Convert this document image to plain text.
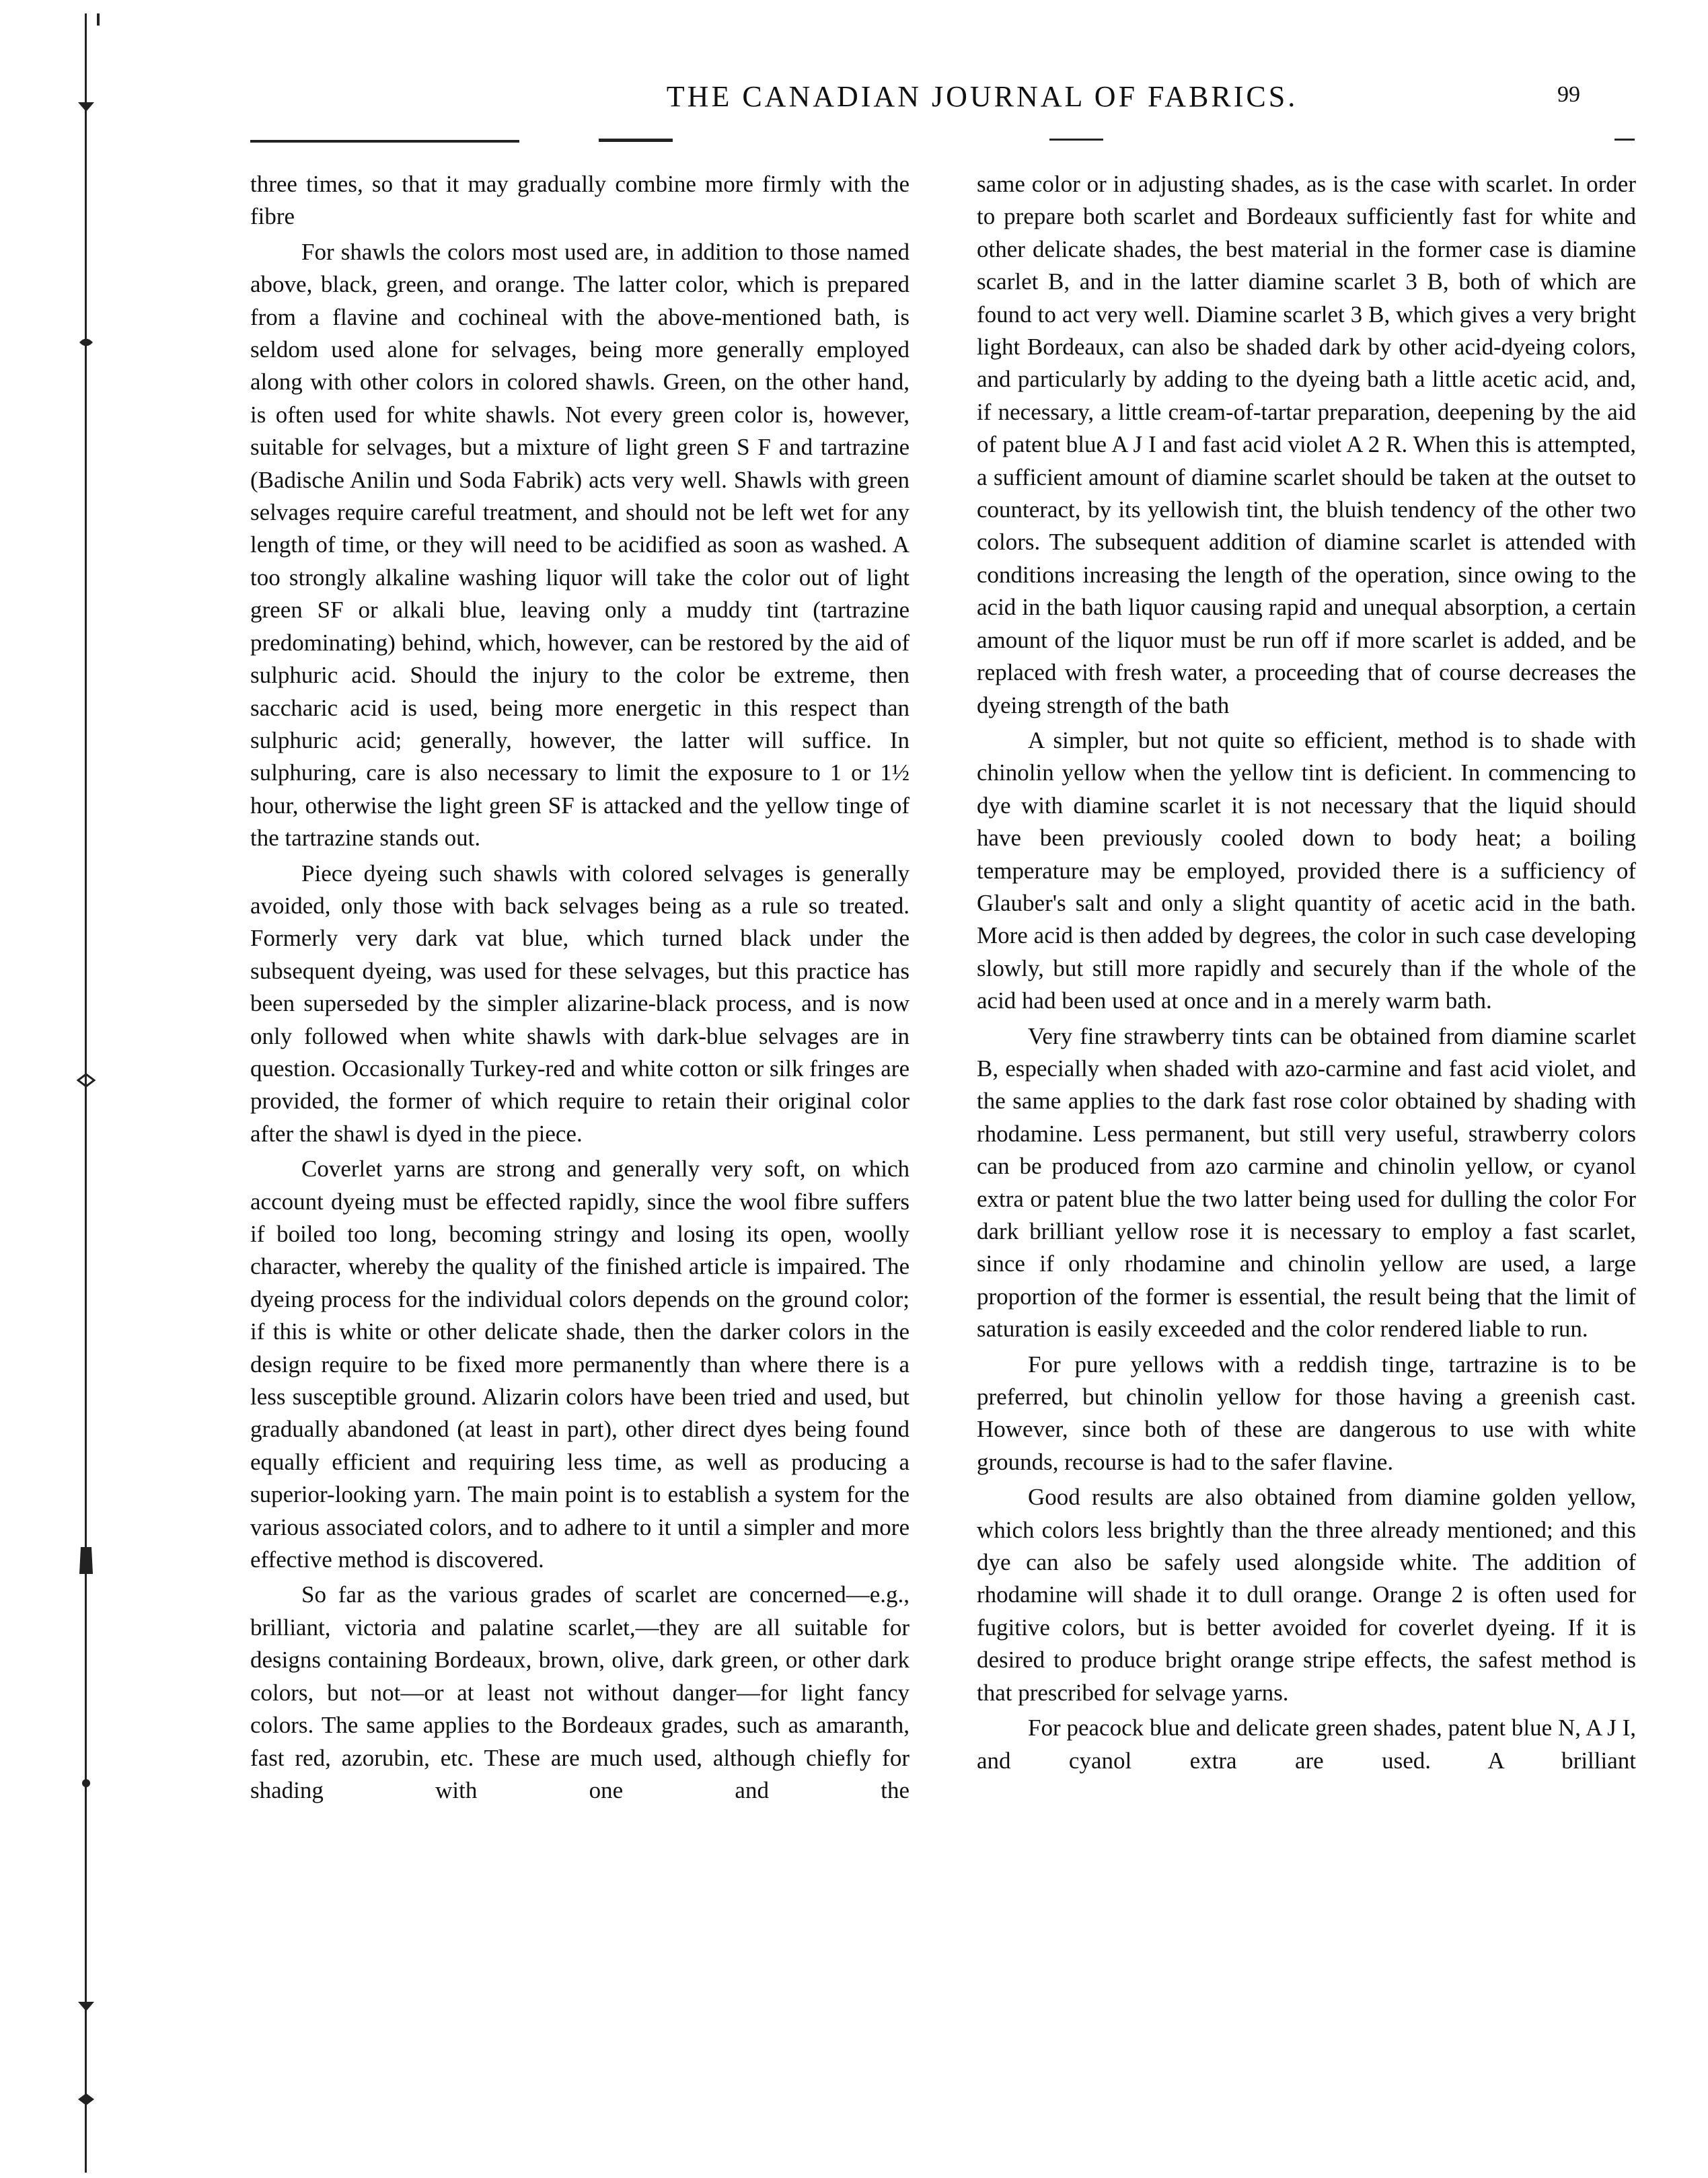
THE CANADIAN JOURNAL OF FABRICS.	99

three times, so that it may gradually combine more firmly with the fibre

For shawls the colors most used are, in addition to those named above, black, green, and orange. The latter color, which is prepared from a flavine and cochineal with the above-mentioned bath, is seldom used alone for selvages, being more generally employed along with other colors in colored shawls. Green, on the other hand, is often used for white shawls. Not every green color is, however, suitable for selvages, but a mixture of light green S F and tartrazine (Badische Anilin und Soda Fabrik) acts very well. Shawls with green selvages require careful treatment, and should not be left wet for any length of time, or they will need to be acidified as soon as washed. A too strongly alkaline washing liquor will take the color out of light green SF or alkali blue, leaving only a muddy tint (tartrazine predominating) behind, which, however, can be restored by the aid of sulphuric acid. Should the injury to the color be extreme, then saccharic acid is used, being more energetic in this respect than sulphuric acid; generally, however, the latter will suffice. In sulphuring, care is also necessary to limit the exposure to 1 or 1½ hour, otherwise the light green SF is attacked and the yellow tinge of the tartrazine stands out.

Piece dyeing such shawls with colored selvages is generally avoided, only those with back selvages being as a rule so treated. Formerly very dark vat blue, which turned black under the subsequent dyeing, was used for these selvages, but this practice has been superseded by the simpler alizarine-black process, and is now only followed when white shawls with dark-blue selvages are in question. Occasionally Turkey-red and white cotton or silk fringes are provided, the former of which require to retain their original color after the shawl is dyed in the piece.

Coverlet yarns are strong and generally very soft, on which account dyeing must be effected rapidly, since the wool fibre suffers if boiled too long, becoming stringy and losing its open, woolly character, whereby the quality of the finished article is impaired. The dyeing process for the individual colors depends on the ground color; if this is white or other delicate shade, then the darker colors in the design require to be fixed more permanently than where there is a less susceptible ground. Alizarin colors have been tried and used, but gradually abandoned (at least in part), other direct dyes being found equally efficient and requiring less time, as well as producing a superior-looking yarn. The main point is to establish a system for the various associated colors, and to adhere to it until a simpler and more effective method is discovered.

So far as the various grades of scarlet are concerned—e.g., brilliant, victoria and palatine scarlet,—they are all suitable for designs containing Bordeaux, brown, olive, dark green, or other dark colors, but not—or at least not without danger—for light fancy colors. The same applies to the Bordeaux grades, such as amaranth, fast red, azorubin, etc. These are much used, although chiefly for shading with one and the

same color or in adjusting shades, as is the case with scarlet. In order to prepare both scarlet and Bordeaux sufficiently fast for white and other delicate shades, the best material in the former case is diamine scarlet B, and in the latter diamine scarlet 3 B, both of which are found to act very well. Diamine scarlet 3 B, which gives a very bright light Bordeaux, can also be shaded dark by other acid-dyeing colors, and particularly by adding to the dyeing bath a little acetic acid, and, if necessary, a little cream-of-tartar preparation, deepening by the aid of patent blue A J I and fast acid violet A 2 R. When this is attempted, a sufficient amount of diamine scarlet should be taken at the outset to counteract, by its yellowish tint, the bluish tendency of the other two colors. The subsequent addition of diamine scarlet is attended with conditions increasing the length of the operation, since owing to the acid in the bath liquor causing rapid and unequal absorption, a certain amount of the liquor must be run off if more scarlet is added, and be replaced with fresh water, a proceeding that of course decreases the dyeing strength of the bath

A simpler, but not quite so efficient, method is to shade with chinolin yellow when the yellow tint is deficient. In commencing to dye with diamine scarlet it is not necessary that the liquid should have been previously cooled down to body heat; a boiling temperature may be employed, provided there is a sufficiency of Glauber's salt and only a slight quantity of acetic acid in the bath. More acid is then added by degrees, the color in such case developing slowly, but still more rapidly and securely than if the whole of the acid had been used at once and in a merely warm bath.

Very fine strawberry tints can be obtained from diamine scarlet B, especially when shaded with azo-carmine and fast acid violet, and the same applies to the dark fast rose color obtained by shading with rhodamine. Less permanent, but still very useful, strawberry colors can be produced from azo carmine and chinolin yellow, or cyanol extra or patent blue the two latter being used for dulling the color For dark brilliant yellow rose it is necessary to employ a fast scarlet, since if only rhodamine and chinolin yellow are used, a large proportion of the former is essential, the result being that the limit of saturation is easily exceeded and the color rendered liable to run.

For pure yellows with a reddish tinge, tartrazine is to be preferred, but chinolin yellow for those having a greenish cast. However, since both of these are dangerous to use with white grounds, recourse is had to the safer flavine.

Good results are also obtained from diamine golden yellow, which colors less brightly than the three already mentioned; and this dye can also be safely used alongside white. The addition of rhodamine will shade it to dull orange. Orange 2 is often used for fugitive colors, but is better avoided for coverlet dyeing. If it is desired to produce bright orange stripe effects, the safest method is that prescribed for selvage yarns.

For peacock blue and delicate green shades, patent blue N, A J I, and cyanol extra are used. A brilliant
